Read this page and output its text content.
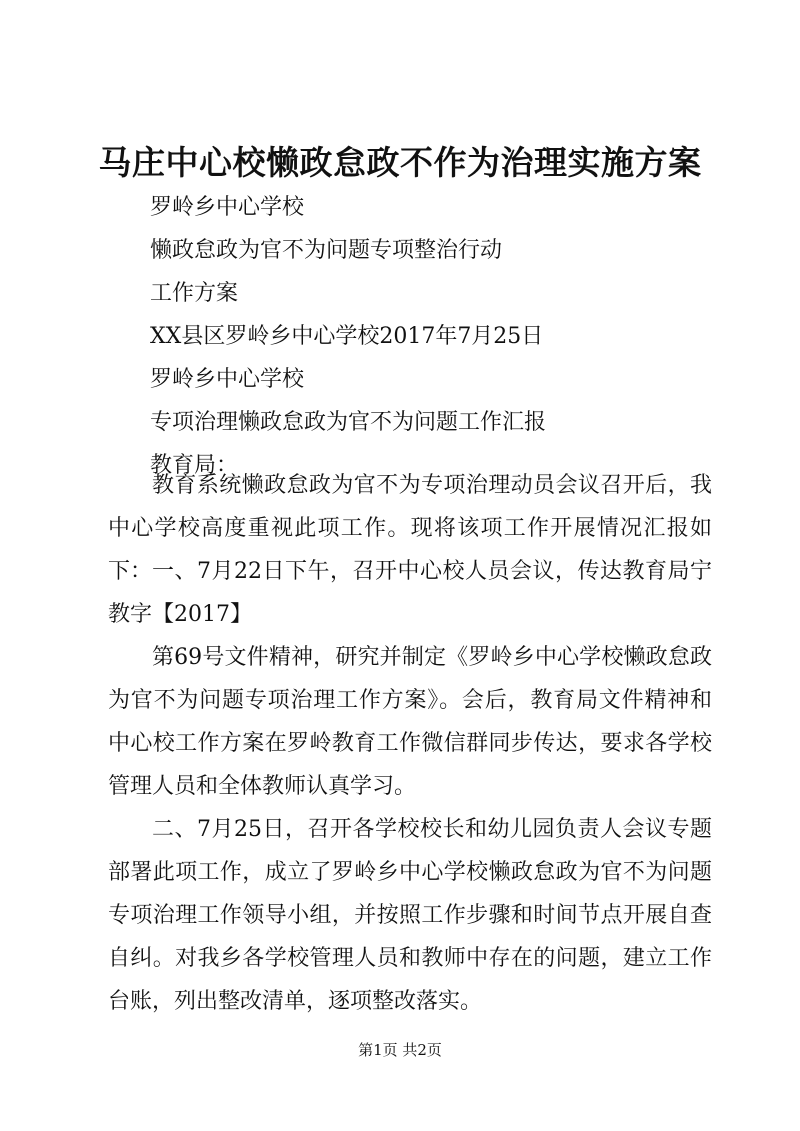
马庄中心校懒政怠政不作为治理实施方案
罗岭乡中心学校
懒政怠政为官不为问题专项整治行动
工作方案
XX县区罗岭乡中心学校2017年7月25日
罗岭乡中心学校
专项治理懒政怠政为官不为问题工作汇报
教育局：

教育系统懒政怠政为官不为专项治理动员会议召开后，我中心学校高度重视此项工作。现将该项工作开展情况汇报如下： 一、7月22日下午，召开中心校人员会议，传达教育局宁教字【2017】

第69号文件精神，研究并制定《罗岭乡中心学校懒政怠政为官不为问题专项治理工作方案》。会后，教育局文件精神和中心校工作方案在罗岭教育工作微信群同步传达，要求各学校管理人员和全体教师认真学习。

二、7月25日，召开各学校校长和幼儿园负责人会议专题部署此项工作，成立了罗岭乡中心学校懒政怠政为官不为问题专项治理工作领导小组，并按照工作步骤和时间节点开展自查自纠。对我乡各学校管理人员和教师中存在的问题，建立工作台账，列出整改清单，逐项整改落实。

第1页 共2页
